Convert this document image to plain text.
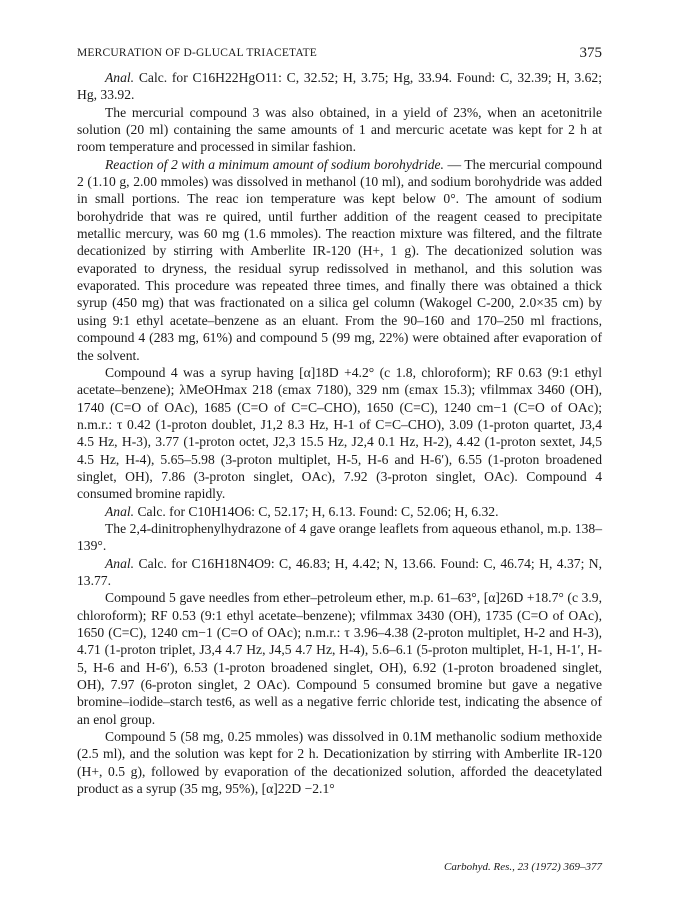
MERCURATION OF D-GLUCAL TRIACETATE	375

Anal. Calc. for C16H22HgO11: C, 32.52; H, 3.75; Hg, 33.94. Found: C, 32.39; H, 3.62; Hg, 33.92.

The mercurial compound 3 was also obtained, in a yield of 23%, when an acetonitrile solution (20 ml) containing the same amounts of 1 and mercuric acetate was kept for 2 h at room temperature and processed in similar fashion.

Reaction of 2 with a minimum amount of sodium borohydride. — The mercurial compound 2 (1.10 g, 2.00 mmoles) was dissolved in methanol (10 ml), and sodium borohydride was added in small portions. The reac ion temperature was kept below 0°. The amount of sodium borohydride that was re quired, until further addition of the reagent ceased to precipitate metallic mercury, was 60 mg (1.6 mmoles). The reaction mixture was filtered, and the filtrate decationized by stirring with Amberlite IR-120 (H+, 1 g). The decationized solution was evaporated to dryness, the residual syrup redissolved in methanol, and this solution was evaporated. This procedure was repeated three times, and finally there was obtained a thick syrup (450 mg) that was fractionated on a silica gel column (Wakogel C-200, 2.0×35 cm) by using 9:1 ethyl acetate–benzene as an eluant. From the 90–160 and 170–250 ml fractions, compound 4 (283 mg, 61%) and compound 5 (99 mg, 22%) were obtained after evaporation of the solvent.

Compound 4 was a syrup having [α]18D +4.2° (c 1.8, chloroform); RF 0.63 (9:1 ethyl acetate–benzene); λMeOHmax 218 (εmax 7180), 329 nm (εmax 15.3); νfilmmax 3460 (OH), 1740 (C=O of OAc), 1685 (C=O of C=C–CHO), 1650 (C=C), 1240 cm−1 (C=O of OAc); n.m.r.: τ 0.42 (1-proton doublet, J1,2 8.3 Hz, H-1 of C=C–CHO), 3.09 (1-proton quartet, J3,4 4.5 Hz, H-3), 3.77 (1-proton octet, J2,3 15.5 Hz, J2,4 0.1 Hz, H-2), 4.42 (1-proton sextet, J4,5 4.5 Hz, H-4), 5.65–5.98 (3-proton multiplet, H-5, H-6 and H-6′), 6.55 (1-proton broadened singlet, OH), 7.86 (3-proton singlet, OAc), 7.92 (3-proton singlet, OAc). Compound 4 consumed bromine rapidly.

Anal. Calc. for C10H14O6: C, 52.17; H, 6.13. Found: C, 52.06; H, 6.32.

The 2,4-dinitrophenylhydrazone of 4 gave orange leaflets from aqueous ethanol, m.p. 138–139°.

Anal. Calc. for C16H18N4O9: C, 46.83; H, 4.42; N, 13.66. Found: C, 46.74; H, 4.37; N, 13.77.

Compound 5 gave needles from ether–petroleum ether, m.p. 61–63°, [α]26D +18.7° (c 3.9, chloroform); RF 0.53 (9:1 ethyl acetate–benzene); νfilmmax 3430 (OH), 1735 (C=O of OAc), 1650 (C=C), 1240 cm−1 (C=O of OAc); n.m.r.: τ 3.96–4.38 (2-proton multiplet, H-2 and H-3), 4.71 (1-proton triplet, J3,4 4.7 Hz, J4,5 4.7 Hz, H-4), 5.6–6.1 (5-proton multiplet, H-1, H-1′, H-5, H-6 and H-6′), 6.53 (1-proton broadened singlet, OH), 6.92 (1-proton broadened singlet, OH), 7.97 (6-proton singlet, 2 OAc). Compound 5 consumed bromine but gave a negative bromine–iodide–starch test6, as well as a negative ferric chloride test, indicating the absence of an enol group.

Compound 5 (58 mg, 0.25 mmoles) was dissolved in 0.1M methanolic sodium methoxide (2.5 ml), and the solution was kept for 2 h. Decationization by stirring with Amberlite IR-120 (H+, 0.5 g), followed by evaporation of the decationized solution, afforded the deacetylated product as a syrup (35 mg, 95%), [α]22D −2.1°

Carbohyd. Res., 23 (1972) 369–377
